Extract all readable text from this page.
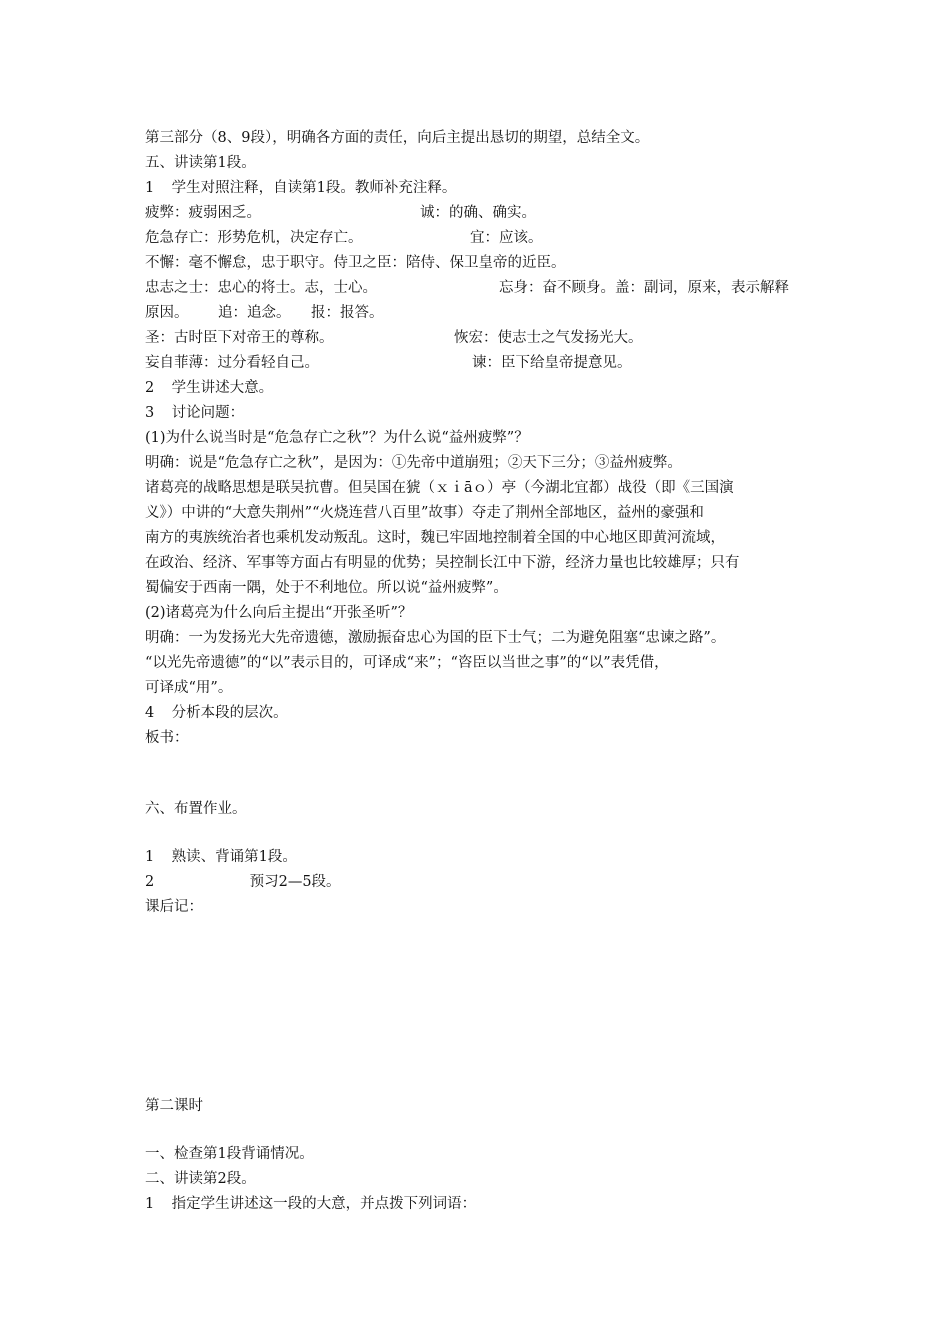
第三部分（8、9段），明确各方面的责任，向后主提出恳切的期望，总结全文。
五、讲读第1段。
1 学生对照注释，自读第1段。教师补充注释。
疲弊：疲弱困乏。	诚：的确、确实。
危急存亡：形势危机，决定存亡。	宜：应该。
不懈：毫不懈怠，忠于职守。侍卫之臣：陪侍、保卫皇帝的近臣。
忠志之士：忠心的将士。志，士心。	忘身：奋不顾身。盖：副词，原来，表示解释
原因。 追：追念。 报：报答。
圣：古时臣下对帝王的尊称。	恢宏：使志士之气发扬光大。
妄自菲薄：过分看轻自己。	谏：臣下给皇帝提意见。
2 学生讲述大意。
3 讨论问题：
(1)为什么说当时是“危急存亡之秋”？为什么说“益州疲弊”？
明确：说是“危急存亡之秋”，是因为：①先帝中道崩殂；②天下三分；③益州疲弊。
诸葛亮的战略思想是联吴抗曹。但吴国在猇（ｘｉāｏ）亭（今湖北宜都）战役（即《三国演
义》）中讲的“大意失荆州”“火烧连营八百里”故事）夺走了荆州全部地区，益州的豪强和
南方的夷族统治者也乘机发动叛乱。这时，魏已牢固地控制着全国的中心地区即黄河流域，
在政治、经济、军事等方面占有明显的优势；吴控制长江中下游，经济力量也比较雄厚；只有
蜀偏安于西南一隅，处于不利地位。所以说“益州疲弊”。
(2)诸葛亮为什么向后主提出“开张圣听”？
明确：一为发扬光大先帝遗德，激励振奋忠心为国的臣下士气；二为避免阻塞“忠谏之路”。
“以光先帝遗德”的“以”表示目的，可译成“来”；“咨臣以当世之事”的“以”表凭借，
可译成“用”。
4 分析本段的层次。
板书：
六、布置作业。
1 熟读、背诵第1段。
2	预习2—5段。
课后记：
第二课时
一、检查第1段背诵情况。
二、讲读第2段。
1 指定学生讲述这一段的大意，并点拨下列词语：
